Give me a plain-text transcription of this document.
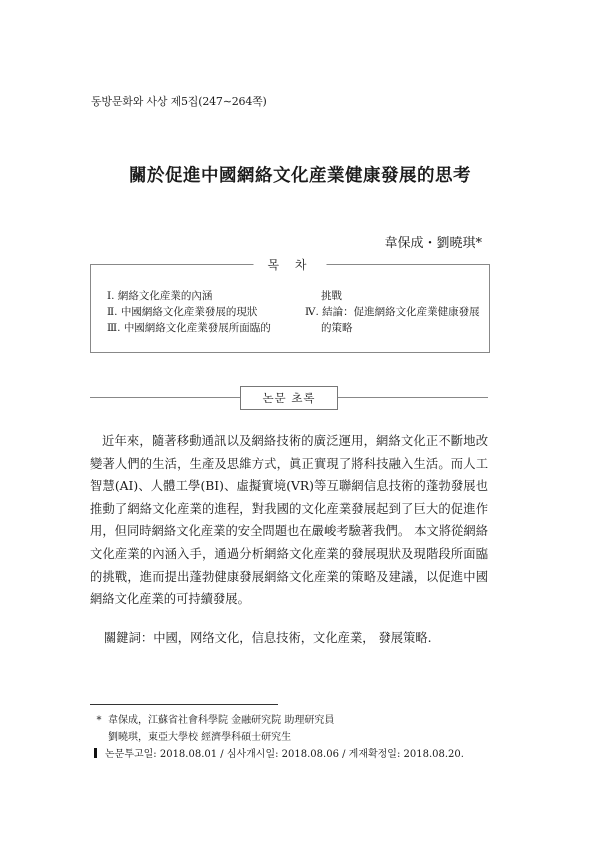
동방문화와 사상 제5집(247∼264쪽)
關於促進中國網絡文化産業健康發展的思考
韋保成・劉曉琪*
목 차
Ⅰ. 網絡文化産業的內涵
Ⅱ. 中國網絡文化産業發展的現狀
Ⅲ. 中國網絡文化産業發展所面臨的
挑戰
Ⅳ. 結論：促進網絡文化産業健康發展
的策略
논문 초록
近年來，隨著移動通訊以及網絡技術的廣泛運用，網絡文化正不斷地改變著人們的生活，生產及思維方式，眞正實現了將科技融入生活。而人工智慧(AI)、人體工學(BI)、虛擬實境(VR)等互聯網信息技術的蓬勃發展也推動了網絡文化産業的進程，對我國的文化産業發展起到了巨大的促進作用，但同時網絡文化産業的安全問題也在嚴峻考驗著我們。 本文將從網絡文化産業的內涵入手，通過分析網絡文化産業的發展現狀及現階段所面臨的挑戰，進而提出蓬勃健康發展網絡文化産業的策略及建議，以促進中國網絡文化産業的可持續發展。
關鍵詞：中國，网络文化，信息技術，文化産業， 發展策略.
* 韋保成，江蘇省社會科學院 金融研究院 助理研究員
劉曉琪，東亞大學校 經濟學科碩士研究生
논문투고일: 2018.08.01 / 심사개시일: 2018.08.06 / 게재확정일: 2018.08.20.
